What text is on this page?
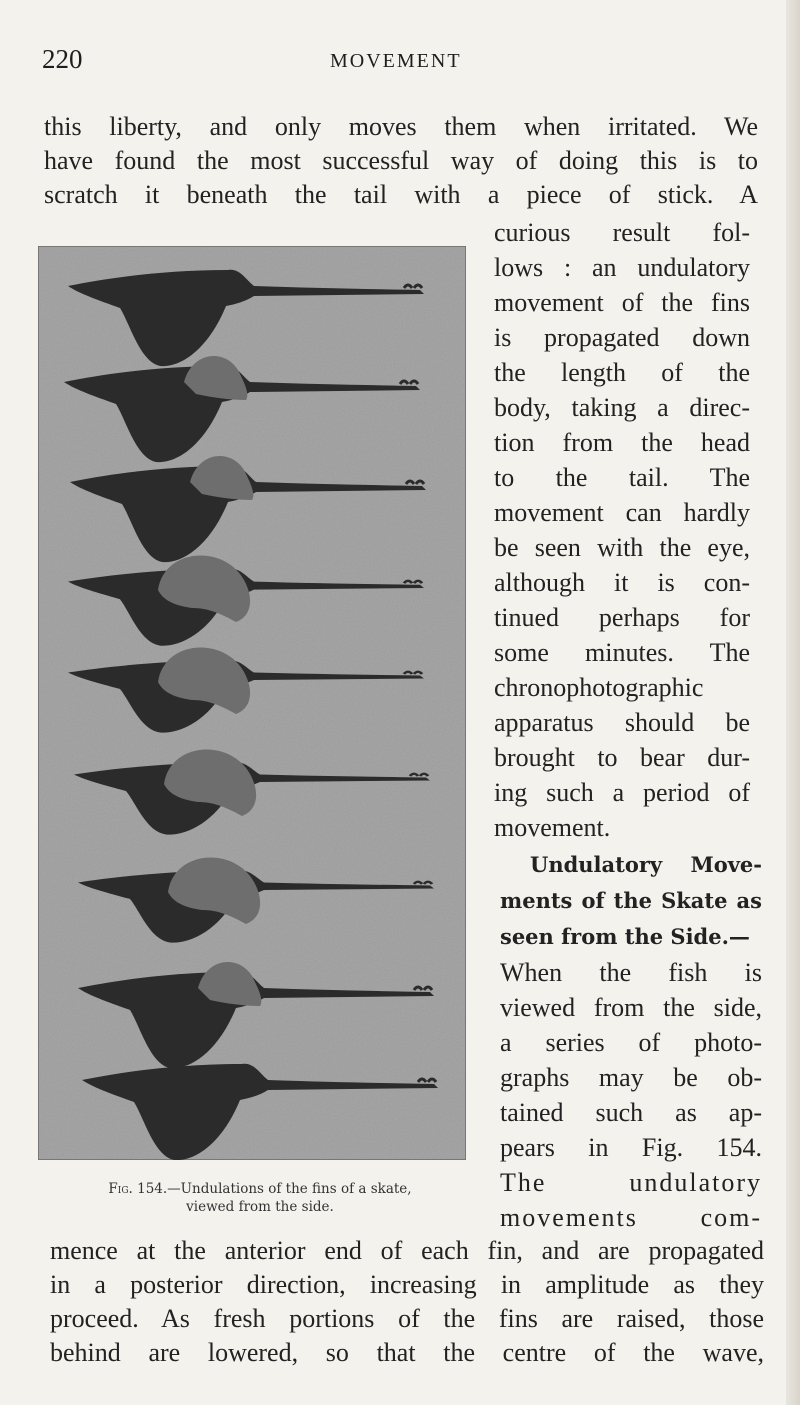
220	MOVEMENT
this liberty, and only moves them when irritated. We
have found the most successful way of doing this is to
scratch it beneath the tail with a piece of stick. A
Fig. 154.—Undulations of the fins of a skate,
viewed from the side.
curious result fol-
lows : an undulatory
movement of the fins
is propagated down
the length of the
body, taking a direc-
tion from the head
to the tail. The
movement can hardly
be seen with the eye,
although it is con-
tinued perhaps for
some minutes. The
chronophotographic
apparatus should be
brought to bear dur-
ing such a period of
movement.
Undulatory Move-
ments of the Skate as
seen from the Side.—
When the fish is
viewed from the side,
a series of photo-
graphs may be ob-
tained such as ap-
pears in Fig. 154.
The undulatory
movements com-
mence at the anterior end of each fin, and are propagated
in a posterior direction, increasing in amplitude as they
proceed. As fresh portions of the fins are raised, those
behind are lowered, so that the centre of the wave,
